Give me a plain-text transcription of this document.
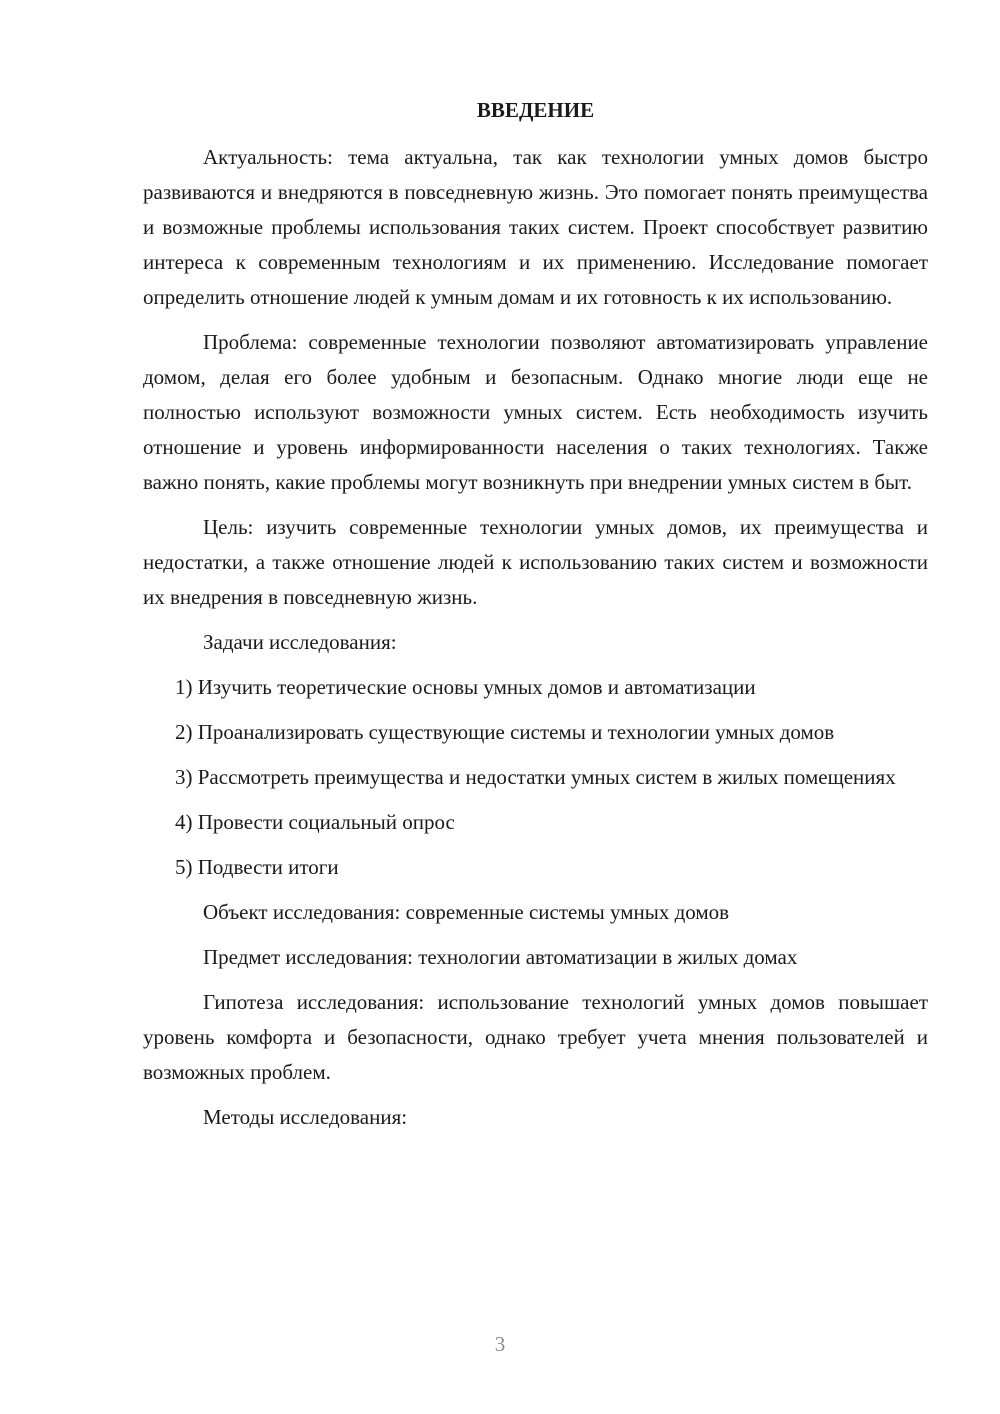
ВВЕДЕНИЕ

Актуальность: тема актуальна, так как технологии умных домов быстро развиваются и внедряются в повседневную жизнь. Это помогает понять преимущества и возможные проблемы использования таких систем. Проект способствует развитию интереса к современным технологиям и их применению. Исследование помогает определить отношение людей к умным домам и их готовность к их использованию.

Проблема: современные технологии позволяют автоматизировать управление домом, делая его более удобным и безопасным. Однако многие люди еще не полностью используют возможности умных систем. Есть необходимость изучить отношение и уровень информированности населения о таких технологиях. Также важно понять, какие проблемы могут возникнуть при внедрении умных систем в быт.

Цель: изучить современные технологии умных домов, их преимущества и недостатки, а также отношение людей к использованию таких систем и возможности их внедрения в повседневную жизнь.

Задачи исследования:

1) Изучить теоретические основы умных домов и автоматизации

2) Проанализировать существующие системы и технологии умных домов

3) Рассмотреть преимущества и недостатки умных систем в жилых помещениях

4) Провести социальный опрос

5) Подвести итоги

Объект исследования: современные системы умных домов

Предмет исследования: технологии автоматизации в жилых домах

Гипотеза исследования: использование технологий умных домов повышает уровень комфорта и безопасности, однако требует учета мнения пользователей и возможных проблем.

Методы исследования:

3
